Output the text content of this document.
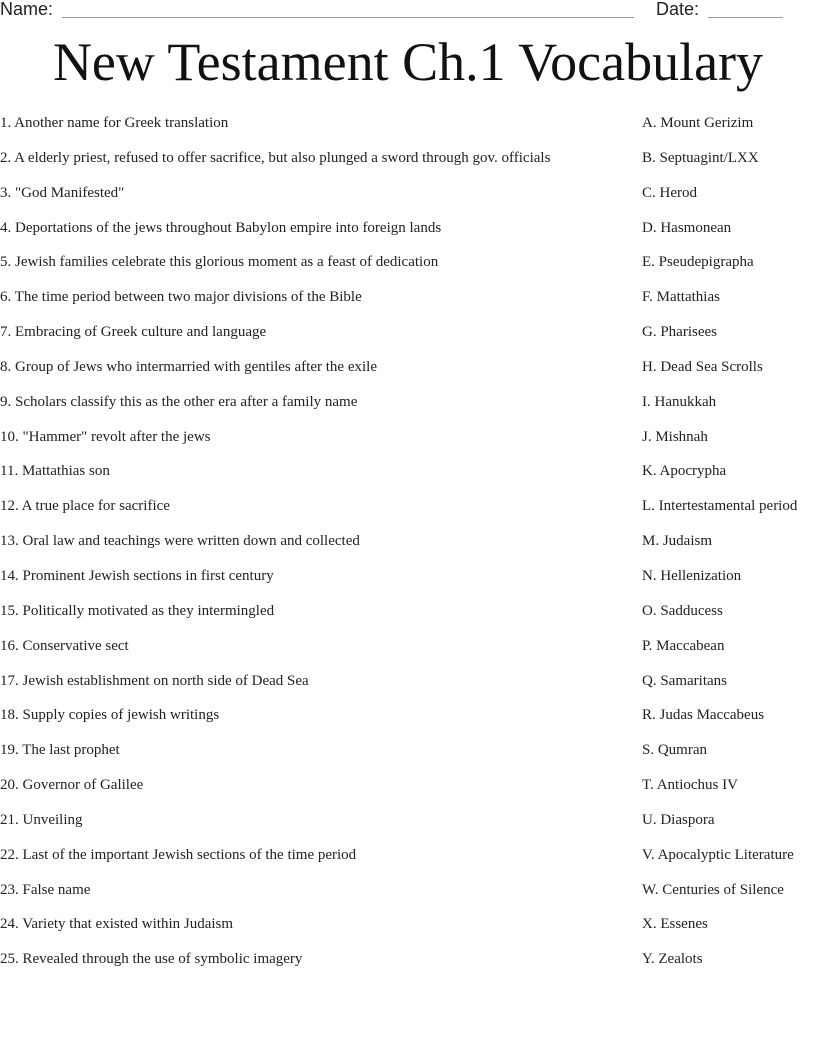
Name:	Date:
New Testament Ch.1 Vocabulary
1. Another name for Greek translation
2. A elderly priest, refused to offer sacrifice, but also plunged a sword through gov. officials
3. "God Manifested"
4. Deportations of the jews throughout Babylon empire into foreign lands
5. Jewish families celebrate this glorious moment as a feast of dedication
6. The time period between two major divisions of the Bible
7. Embracing of Greek culture and language
8. Group of Jews who intermarried with gentiles after the exile
9. Scholars classify this as the other era after a family name
10. "Hammer" revolt after the jews
11. Mattathias son
12. A true place for sacrifice
13. Oral law and teachings were written down and collected
14. Prominent Jewish sections in first century
15. Politically motivated as they intermingled
16. Conservative sect
17. Jewish establishment on north side of Dead Sea
18. Supply copies of jewish writings
19. The last prophet
20. Governor of Galilee
21. Unveiling
22. Last of the important Jewish sections of the time period
23. False name
24. Variety that existed within Judaism
25. Revealed through the use of symbolic imagery
A. Mount Gerizim
B. Septuagint/LXX
C. Herod
D. Hasmonean
E. Pseudepigrapha
F. Mattathias
G. Pharisees
H. Dead Sea Scrolls
I. Hanukkah
J. Mishnah
K. Apocrypha
L. Intertestamental period
M. Judaism
N. Hellenization
O. Sadducess
P. Maccabean
Q. Samaritans
R. Judas Maccabeus
S. Qumran
T. Antiochus IV
U. Diaspora
V. Apocalyptic Literature
W. Centuries of Silence
X. Essenes
Y. Zealots
